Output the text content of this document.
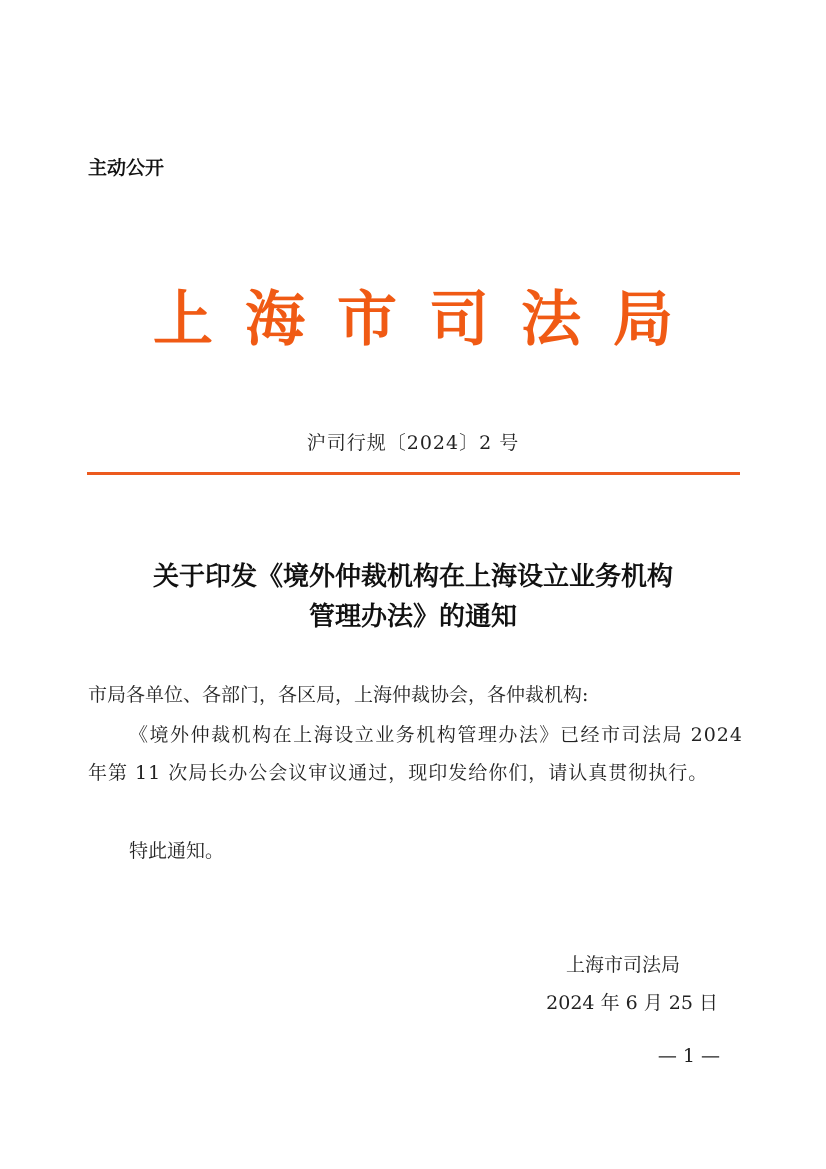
主动公开
上 海 市 司 法 局
沪司行规〔2024〕2 号
关于印发《境外仲裁机构在上海设立业务机构
管理办法》的通知
市局各单位、各部门，各区局，上海仲裁协会，各仲裁机构:
《境外仲裁机构在上海设立业务机构管理办法》已经市司法局 2024 年第 11 次局长办公会议审议通过，现印发给你们，请认真贯彻执行。
特此通知。
上海市司法局
2024 年 6 月 25 日
— 1 —
